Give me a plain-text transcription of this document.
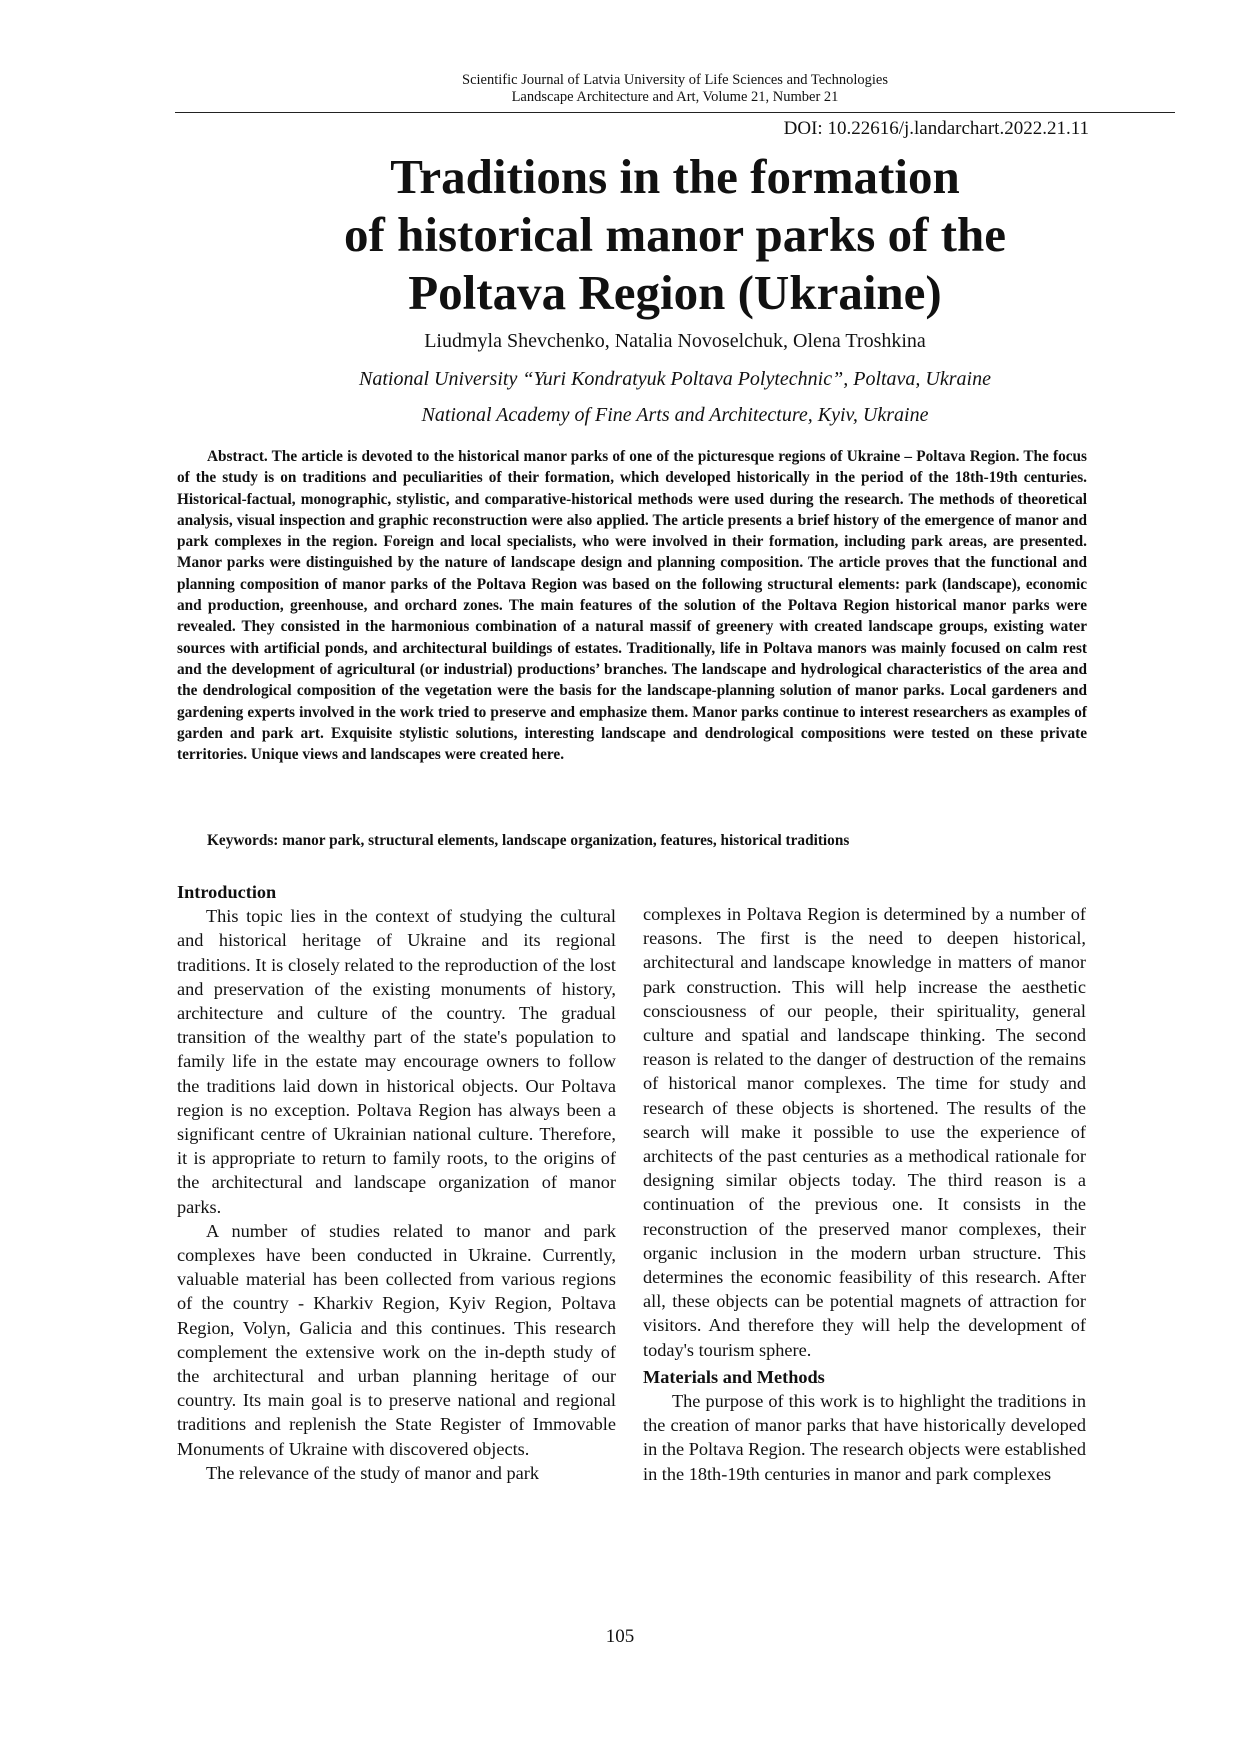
Scientific Journal of Latvia University of Life Sciences and Technologies
Landscape Architecture and Art, Volume 21, Number 21
DOI: 10.22616/j.landarchart.2022.21.11
Traditions in the formation
of historical manor parks of the
Poltava Region (Ukraine)
Liudmyla Shevchenko, Natalia Novoselchuk, Olena Troshkina
National University “Yuri Kondratyuk Poltava Polytechnic”, Poltava, Ukraine
National Academy of Fine Arts and Architecture, Kyiv, Ukraine
Abstract. The article is devoted to the historical manor parks of one of the picturesque regions of Ukraine – Poltava Region. The focus of the study is on traditions and peculiarities of their formation, which developed historically in the period of the 18th-19th centuries. Historical-factual, monographic, stylistic, and comparative-historical methods were used during the research. The methods of theoretical analysis, visual inspection and graphic reconstruction were also applied. The article presents a brief history of the emergence of manor and park complexes in the region. Foreign and local specialists, who were involved in their formation, including park areas, are presented. Manor parks were distinguished by the nature of landscape design and planning composition. The article proves that the functional and planning composition of manor parks of the Poltava Region was based on the following structural elements: park (landscape), economic and production, greenhouse, and orchard zones. The main features of the solution of the Poltava Region historical manor parks were revealed. They consisted in the harmonious combination of a natural massif of greenery with created landscape groups, existing water sources with artificial ponds, and architectural buildings of estates. Traditionally, life in Poltava manors was mainly focused on calm rest and the development of agricultural (or industrial) productions’ branches. The landscape and hydrological characteristics of the area and the dendrological composition of the vegetation were the basis for the landscape-planning solution of manor parks. Local gardeners and gardening experts involved in the work tried to preserve and emphasize them. Manor parks continue to interest researchers as examples of garden and park art. Exquisite stylistic solutions, interesting landscape and dendrological compositions were tested on these private territories. Unique views and landscapes were created here.
Keywords: manor park, structural elements, landscape organization, features, historical traditions

Introduction

This topic lies in the context of studying the cultural and historical heritage of Ukraine and its regional traditions. It is closely related to the reproduction of the lost and preservation of the existing monuments of history, architecture and culture of the country. The gradual transition of the wealthy part of the state's population to family life in the estate may encourage owners to follow the traditions laid down in historical objects. Our Poltava region is no exception. Poltava Region has always been a significant centre of Ukrainian national culture. Therefore, it is appropriate to return to family roots, to the origins of the architectural and landscape organization of manor parks.

A number of studies related to manor and park complexes have been conducted in Ukraine. Currently, valuable material has been collected from various regions of the country - Kharkiv Region, Kyiv Region, Poltava Region, Volyn, Galicia and this continues. This research complement the extensive work on the in-depth study of the architectural and urban planning heritage of our country. Its main goal is to preserve national and regional traditions and replenish the State Register of Immovable Monuments of Ukraine with discovered objects.

The relevance of the study of manor and park

complexes in Poltava Region is determined by a number of reasons. The first is the need to deepen historical, architectural and landscape knowledge in matters of manor park construction. This will help increase the aesthetic consciousness of our people, their spirituality, general culture and spatial and landscape thinking. The second reason is related to the danger of destruction of the remains of historical manor complexes. The time for study and research of these objects is shortened. The results of the search will make it possible to use the experience of architects of the past centuries as a methodical rationale for designing similar objects today. The third reason is a continuation of the previous one. It consists in the reconstruction of the preserved manor complexes, their organic inclusion in the modern urban structure. This determines the economic feasibility of this research. After all, these objects can be potential magnets of attraction for visitors. And therefore they will help the development of today's tourism sphere.

Materials and Methods

The purpose of this work is to highlight the traditions in the creation of manor parks that have historically developed in the Poltava Region. The research objects were established in the 18th-19th centuries in manor and park complexes

105
